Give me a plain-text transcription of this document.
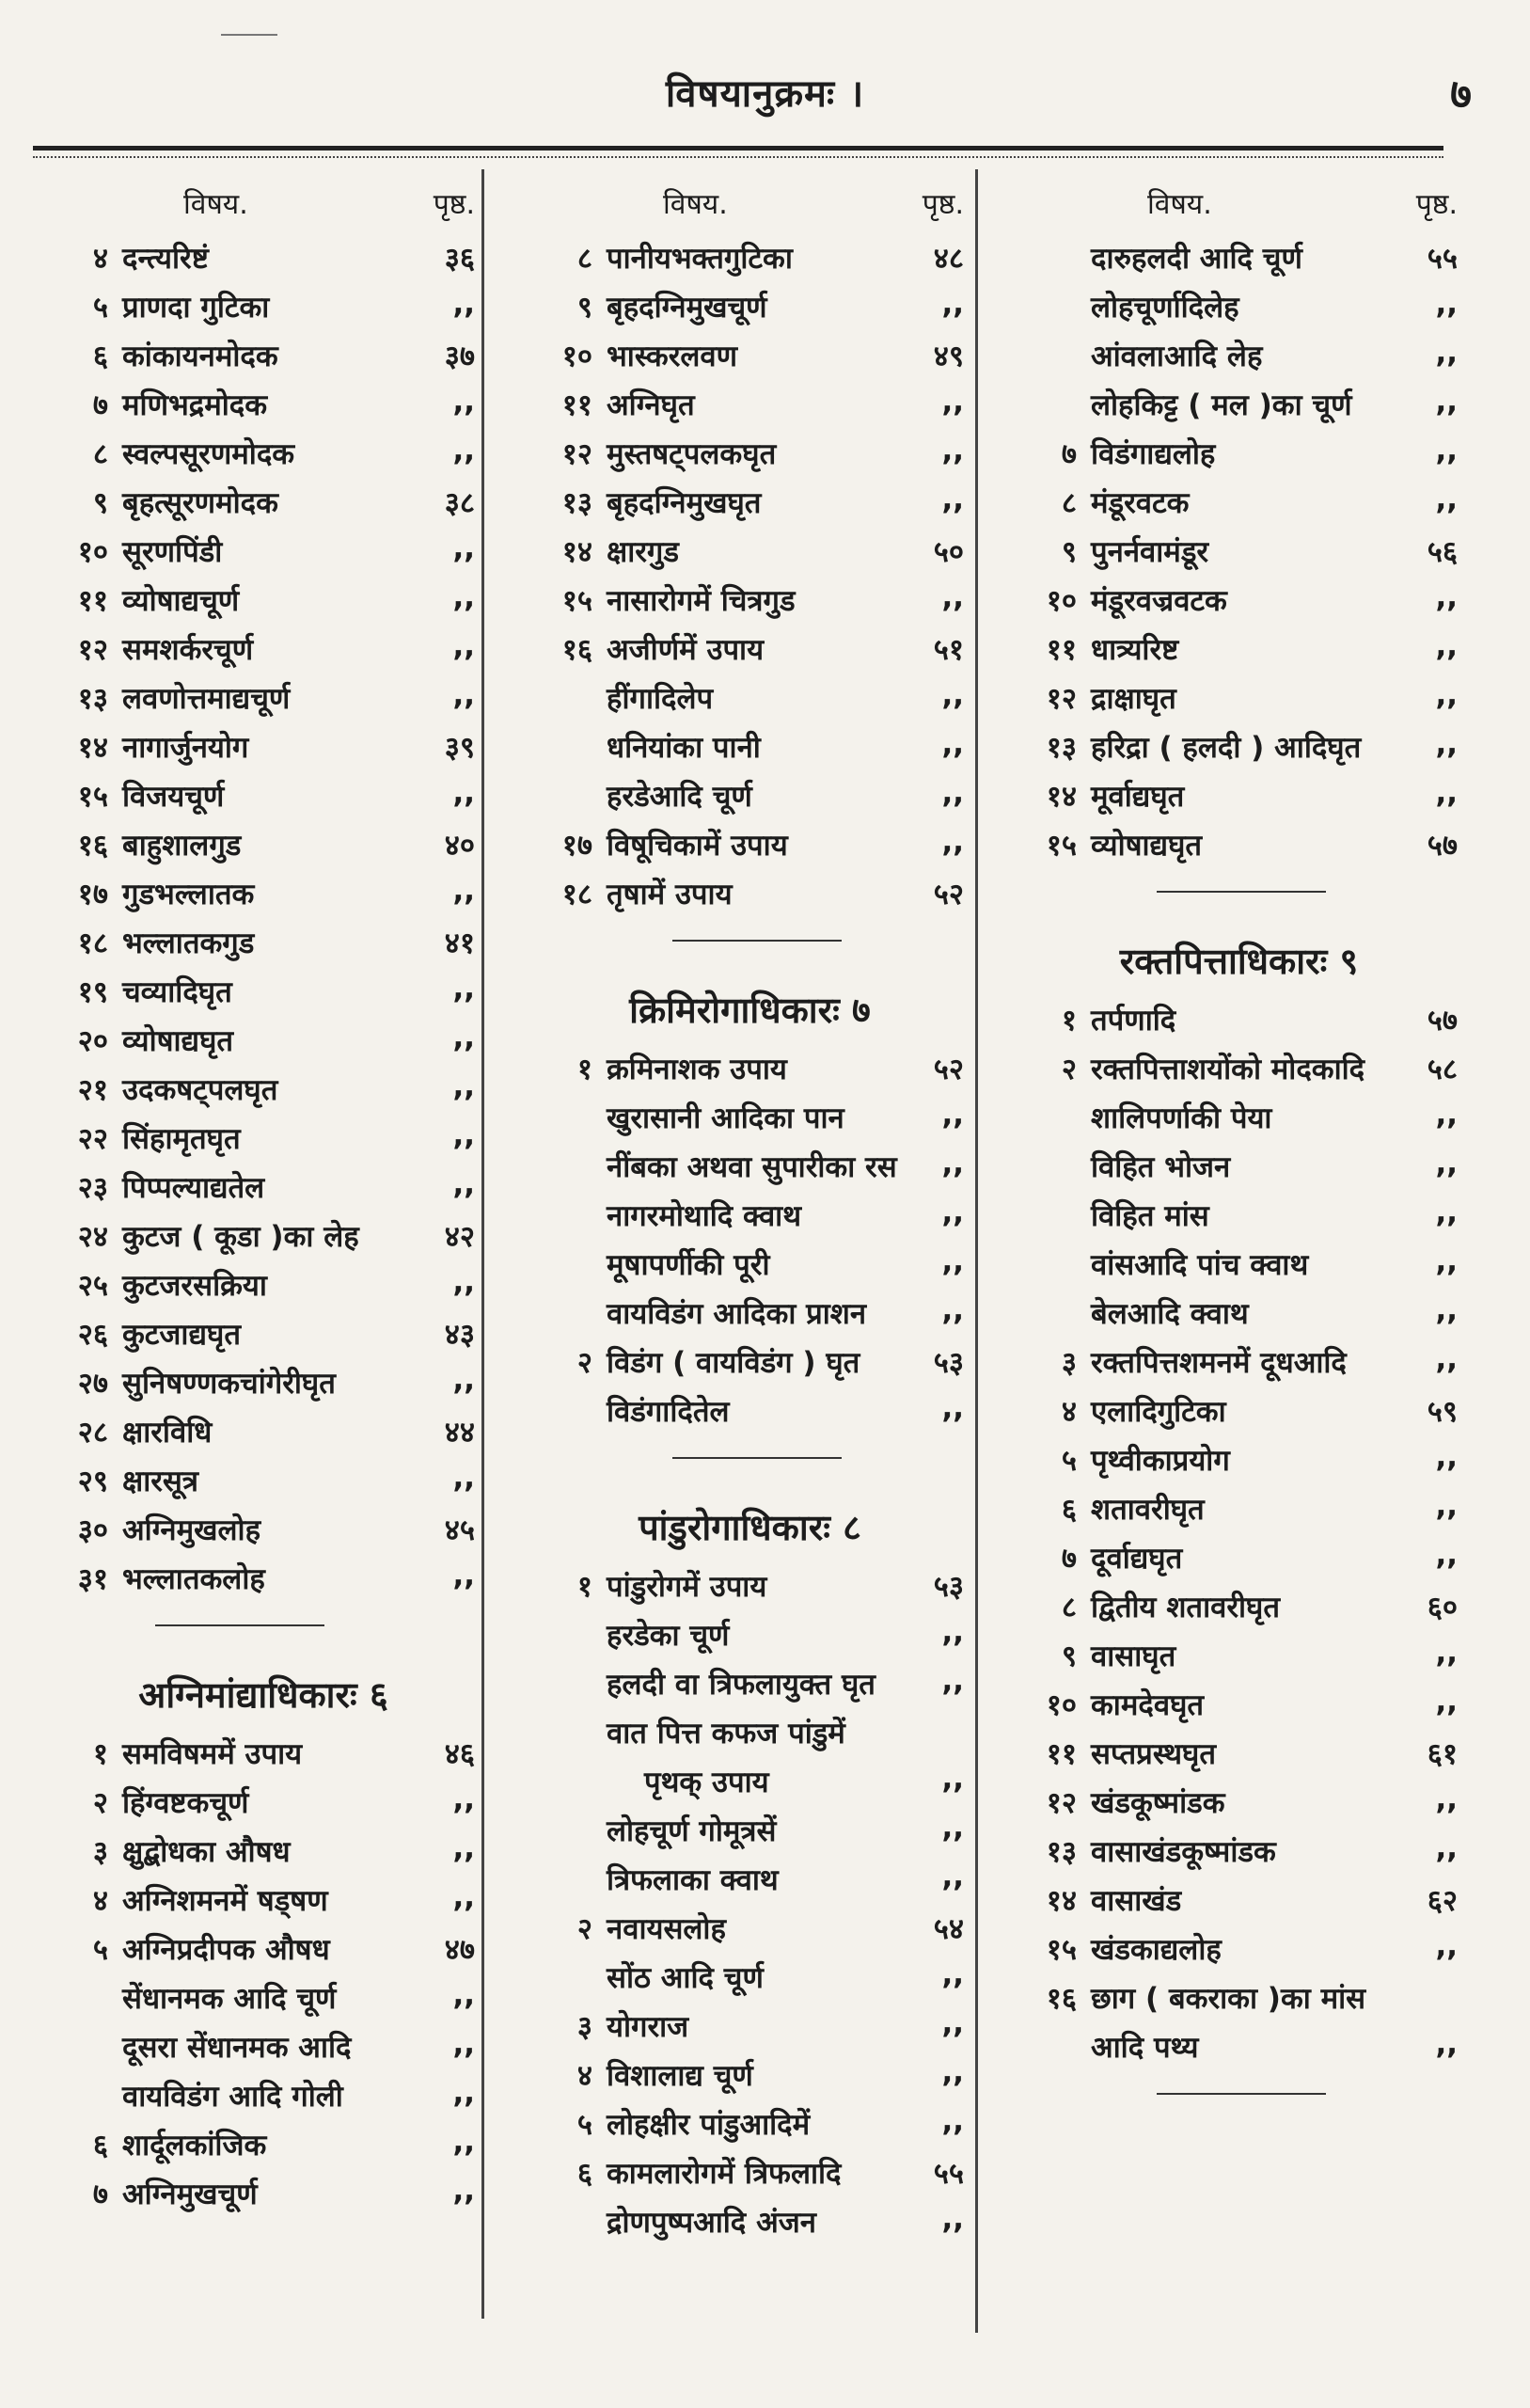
विषयानुक्रमः ।	७
विषय.	पृष्ठ.
४ दन्त्यरिष्टं	३६
५ प्राणदा गुटिका	,,
६ कांकायनमोदक	३७
७ मणिभद्रमोदक	,,
८ स्वल्पसूरणमोदक	,,
९ बृहत्सूरणमोदक	३८
१० सूरणपिंडी	,,
११ व्योषाद्यचूर्ण	,,
१२ समशर्करचूर्ण	,,
१३ लवणोत्तमाद्यचूर्ण	,,
१४ नागार्जुनयोग	३९
१५ विजयचूर्ण	,,
१६ बाहुशालगुड	४०
१७ गुडभल्लातक	,,
१८ भल्लातकगुड	४१
१९ चव्यादिघृत	,,
२० व्योषाद्यघृत	,,
२१ उदकषट्पलघृत	,,
२२ सिंहामृतघृत	,,
२३ पिप्पल्याद्यतेल	,,
२४ कुटज ( कूडा )का लेह	४२
२५ कुटजरसक्रिया	,,
२६ कुटजाद्यघृत	४३
२७ सुनिषण्णकचांगेरीघृत	,,
२८ क्षारविधि	४४
२९ क्षारसूत्र	,,
३० अग्निमुखलोह	४५
३१ भल्लातकलोह	,,
अग्निमांद्याधिकारः ६
१ समविषममें उपाय	४६
२ हिंग्वष्टकचूर्ण	,,
३ क्षुद्बोधका औषध	,,
४ अग्निशमनमें षड्षण	,,
५ अग्निप्रदीपक औषध	४७
सेंधानमक आदि चूर्ण	,,
दूसरा सेंधानमक आदि	,,
वायविडंग आदि गोली	,,
६ शार्दूलकांजिक	,,
७ अग्निमुखचूर्ण	,,
विषय.	पृष्ठ.
८ पानीयभक्तगुटिका	४८
९ बृहदग्निमुखचूर्ण	,,
१० भास्करलवण	४९
११ अग्निघृत	,,
१२ मुस्तषट्पलकघृत	,,
१३ बृहदग्निमुखघृत	,,
१४ क्षारगुड	५०
१५ नासारोगमें चित्रगुड	,,
१६ अजीर्णमें उपाय	५१
हींगादिलेप	,,
धनियांका पानी	,,
हरडेआदि चूर्ण	,,
१७ विषूचिकामें उपाय	,,
१८ तृषामें उपाय	५२
क्रिमिरोगाधिकारः ७
१ क्रमिनाशक उपाय	५२
खुरासानी आदिका पान	,,
नींबका अथवा सुपारीका रस ,,
नागरमोथादि क्वाथ	,,
मूषापर्णीकी पूरी	,,
वायविडंग आदिका प्राशन	,,
२ विडंग ( वायविडंग ) घृत	५३
विडंगादितेल	,,
पांडुरोगाधिकारः ८
१ पांडुरोगमें उपाय	५३
हरडेका चूर्ण	,,
हलदी वा त्रिफलायुक्त घृत ,,
वात पित्त कफज पांडुमें
पृथक् उपाय	,,
लोहचूर्ण गोमूत्रसें	,,
त्रिफलाका क्वाथ	,,
२ नवायसलोह	५४
सोंठ आदि चूर्ण	,,
३ योगराज	,,
४ विशालाद्य चूर्ण	,,
५ लोहक्षीर पांडुआदिमें	,,
६ कामलारोगमें त्रिफलादि	५५
द्रोणपुष्पआदि अंजन	,,
विषय.	पृष्ठ.
दारुहलदी आदि चूर्ण	५५
लोहचूर्णादिलेह	,,
आंवलाआदि लेह	,,
लोहकिट्ट ( मल )का चूर्ण	,,
७ विडंगाद्यलोह	,,
८ मंडूरवटक	,,
९ पुनर्नवामंडूर	५६
१० मंडूरवज्रवटक	,,
११ धात्र्यरिष्ट	,,
१२ द्राक्षाघृत	,,
१३ हरिद्रा ( हलदी ) आदिघृत	,,
१४ मूर्वाद्यघृत	,,
१५ व्योषाद्यघृत	५७
रक्तपित्ताधिकारः ९
१ तर्पणादि	५७
२ रक्तपित्ताशयोंको मोदकादि ५८
शालिपर्णाकी पेया	,,
विहित भोजन	,,
विहित मांस	,,
वांसआदि पांच क्वाथ	,,
बेलआदि क्वाथ	,,
३ रक्तपित्तशमनमें दूधआदि	,,
४ एलादिगुटिका	५९
५ पृथ्वीकाप्रयोग	,,
६ शतावरीघृत	,,
७ दूर्वाद्यघृत	,,
८ द्वितीय शतावरीघृत	६०
९ वासाघृत	,,
१० कामदेवघृत	,,
११ सप्तप्रस्थघृत	६१
१२ खंडकूष्मांडक	,,
१३ वासाखंडकूष्मांडक	,,
१४ वासाखंड	६२
१५ खंडकाद्यलोह	,,
१६ छाग ( बकराका )का मांस
आदि पथ्य	,,
